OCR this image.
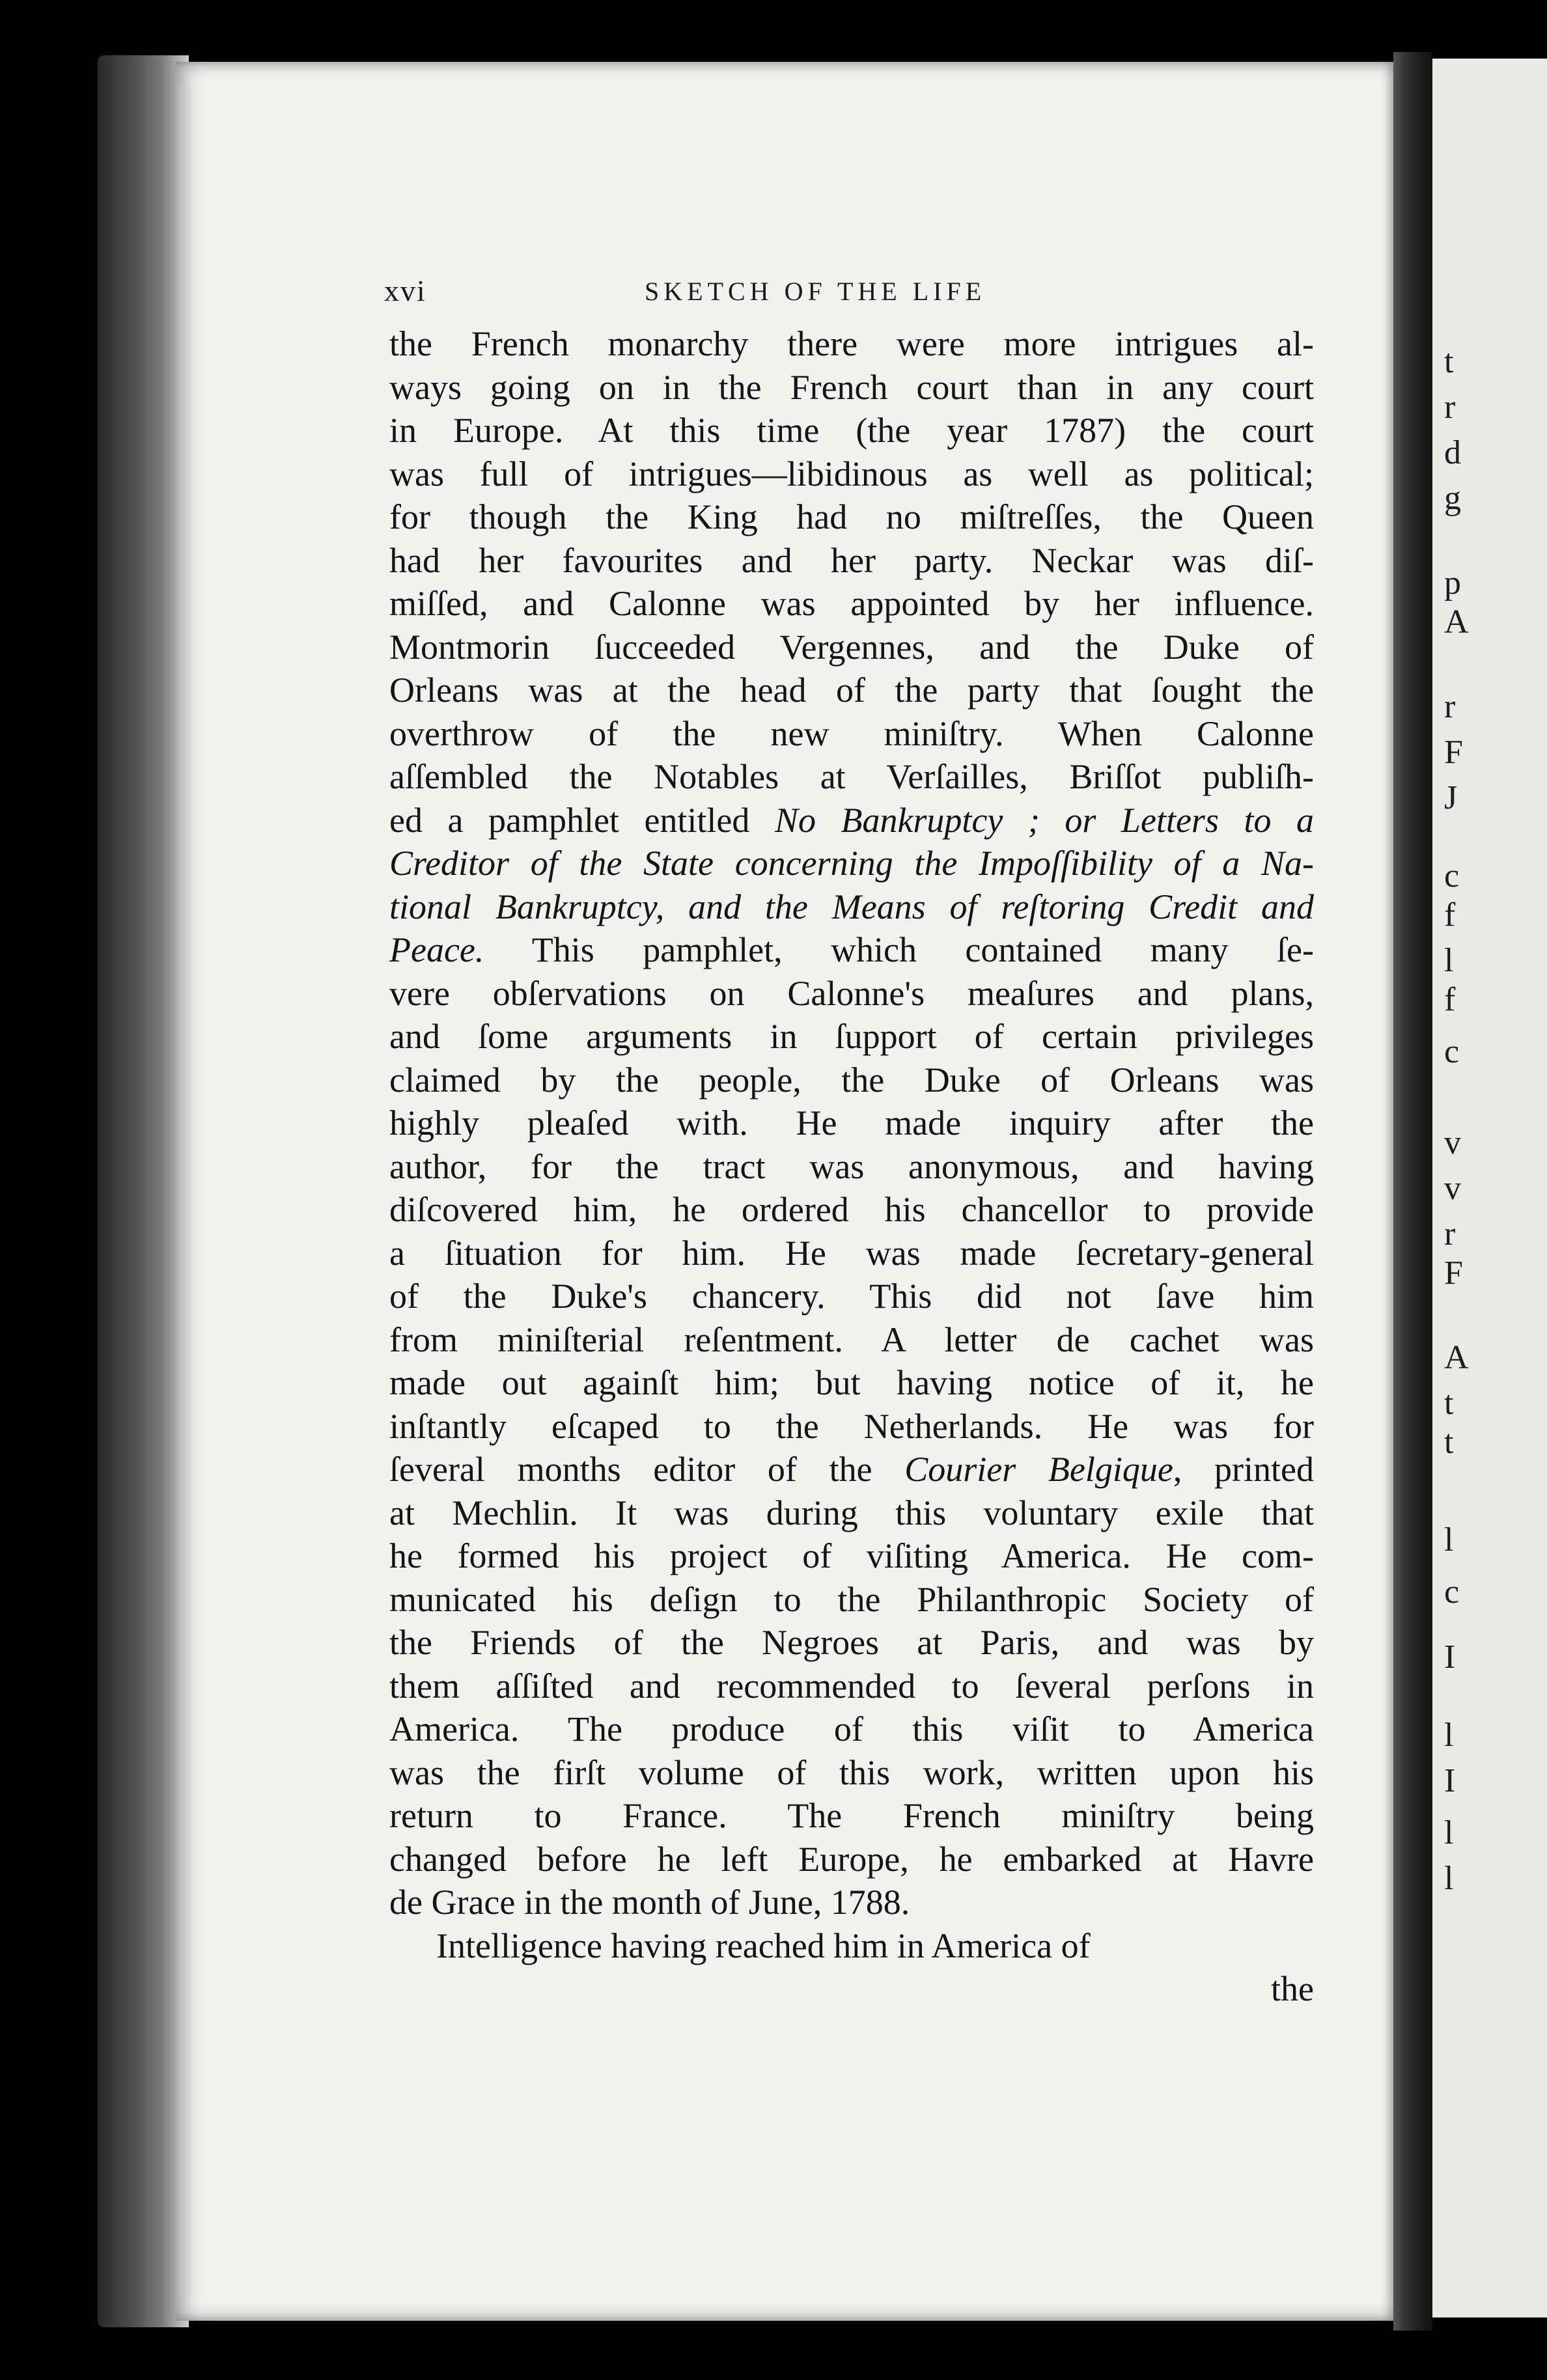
t
r
d
g
p
A
r
F
J
c
f
l
f
c
v
v
r
F
A
t
t
l
c
I
l
I
l
l
xvi	SKETCH OF THE LIFE
the French monarchy there were more intrigues al-
ways going on in the French court than in any court
in Europe. At this time (the year 1787) the court
was full of intrigues—libidinous as well as political;
for though the King had no miſtreſſes, the Queen
had her favourites and her party. Neckar was diſ-
miſſed, and Calonne was appointed by her influence.
Montmorin ſucceeded Vergennes, and the Duke of
Orleans was at the head of the party that ſought the
overthrow of the new miniſtry. When Calonne
aſſembled the Notables at Verſailles, Briſſot publiſh-
ed a pamphlet entitled No Bankruptcy ; or Letters to a
Creditor of the State concerning the Impoſſibility of a Na-
tional Bankruptcy, and the Means of reſtoring Credit and
Peace. This pamphlet, which contained many ſe-
vere obſervations on Calonne's meaſures and plans,
and ſome arguments in ſupport of certain privileges
claimed by the people, the Duke of Orleans was
highly pleaſed with. He made inquiry after the
author, for the tract was anonymous, and having
diſcovered him, he ordered his chancellor to provide
a ſituation for him. He was made ſecretary-general
of the Duke's chancery. This did not ſave him
from miniſterial reſentment. A letter de cachet was
made out againſt him; but having notice of it, he
inſtantly eſcaped to the Netherlands. He was for
ſeveral months editor of the Courier Belgique, printed
at Mechlin. It was during this voluntary exile that
he formed his project of viſiting America. He com-
municated his deſign to the Philanthropic Society of
the Friends of the Negroes at Paris, and was by
them aſſiſted and recommended to ſeveral perſons in
America. The produce of this viſit to America
was the firſt volume of this work, written upon his
return to France. The French miniſtry being
changed before he left Europe, he embarked at Havre
de Grace in the month of June, 1788.
Intelligence having reached him in America of
the
